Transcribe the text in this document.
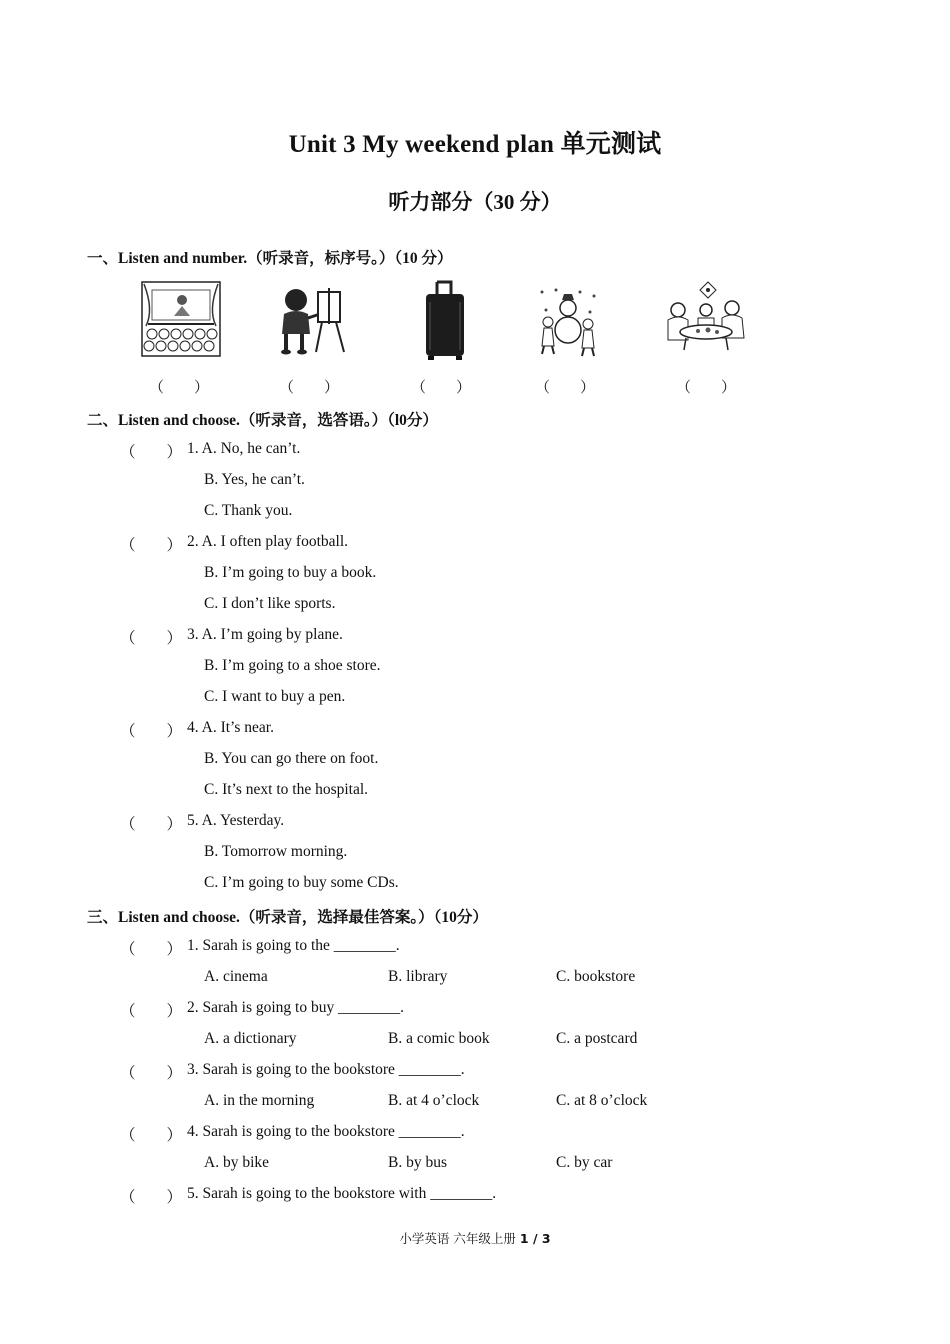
Unit 3 My weekend plan 单元测试
听力部分（30 分）
一、Listen and number.（听录音，标序号。）（10 分）
（　　）	（　　）	（　　）	（　　）	（　　）
二、Listen and choose.（听录音，选答语。）（l0分）
（　　） 1. A. No, he can’t.
B. Yes, he can’t.
C. Thank you.
（　　） 2. A. I often play football.
B. I’m going to buy a book.
C. I don’t like sports.
（　　） 3. A. I’m going by plane.
B. I’m going to a shoe store.
C. I want to buy a pen.
（　　） 4. A. It’s near.
B. You can go there on foot.
C. It’s next to the hospital.
（　　） 5. A. Yesterday.
B. Tomorrow morning.
C. I’m going to buy some CDs.
三、Listen and choose.（听录音，选择最佳答案。）（10分）
（　　） 1. Sarah is going to the ________.
A. cinema	B. library	C. bookstore
（　　） 2. Sarah is going to buy ________.
A. a dictionary	B. a comic book	C. a postcard
（　　） 3. Sarah is going to the bookstore ________.
A. in the morning	B. at 4 o’clock	C. at 8 o’clock
（　　） 4. Sarah is going to the bookstore ________.
A. by bike	B. by bus	C. by car
（　　） 5. Sarah is going to the bookstore with ________.
小学英语 六年级上册 1 / 3
